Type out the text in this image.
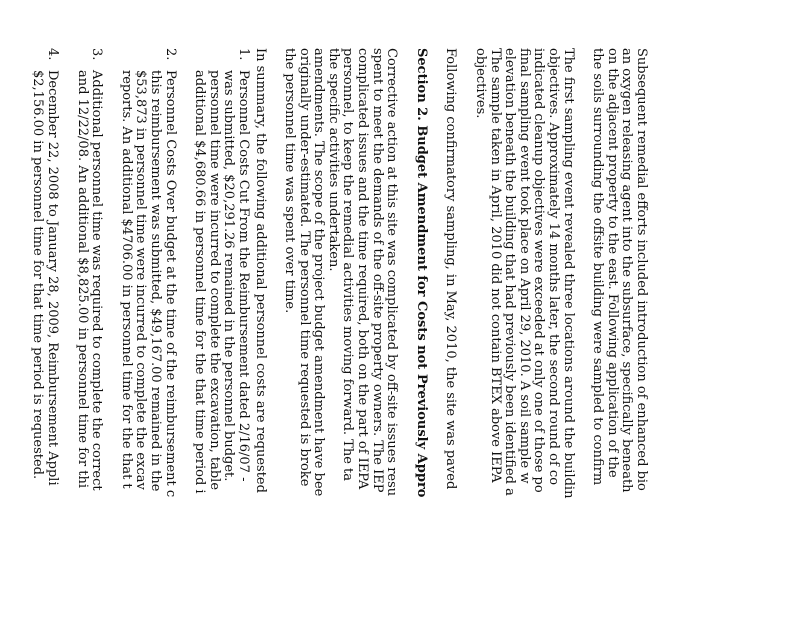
Subsequent remedial efforts included introduction of enhanced bio
an oxygen releasing agent into the subsurface, specifically beneath
on the adjacent property to the east. Following application of the
the soils surrounding the offsite building were sampled to confirm

The first sampling event revealed three locations around the buildin
objectives. Approximately 14 months later, the second round of co
indicated cleanup objectives were exceeded at only one of those po
final sampling event took place on April 29, 2010. A soil sample w
elevation beneath the building that had previously been identified a
The sample taken in April, 2010 did not contain BTEX above IEPA
objectives.

Following confirmatory sampling, in May, 2010, the site was paved

Section 2. Budget Amendment for Costs not Previously Appro

Corrective action at this site was complicated by off-site issues resu
spent to meet the demands of the off-site property owners. The IEP
complicated issues and the time required, both on the part of IEPA
personnel, to keep the remedial activities moving forward. The ta
the specific activities undertaken.
amendments. The scope of the project budget amendment have bee
originally under-estimated. The personnel time requested is broke
the personnel time was spent over time.

In summary, the following additional personnel costs are requested

1.
Personnel Costs Cut From the Reimbursement dated 2/16/07 -
was submitted, $20,291.26 remained in the personnel budget.
personnel time were incurred to complete the excavation, table
additional $4,680.66 in personnel time for the that time period i
2.
Personnel Costs Over budget at the time of the reimbursement c
this reimbursement was submitted, $49,167.00 remained in the
$53,873 in personnel time were incurred to complete the excav
reports. An additional $4706.00 in personnel time for the that t
3.
Additional personnel time was required to complete the correct
and 12/22/08. An additional $8,825.00 in personnel time for thi
4.
December 22, 2008 to January 28, 2009, Reimbursement Appli
$2,156.00 in personnel time for that time period is requested.
